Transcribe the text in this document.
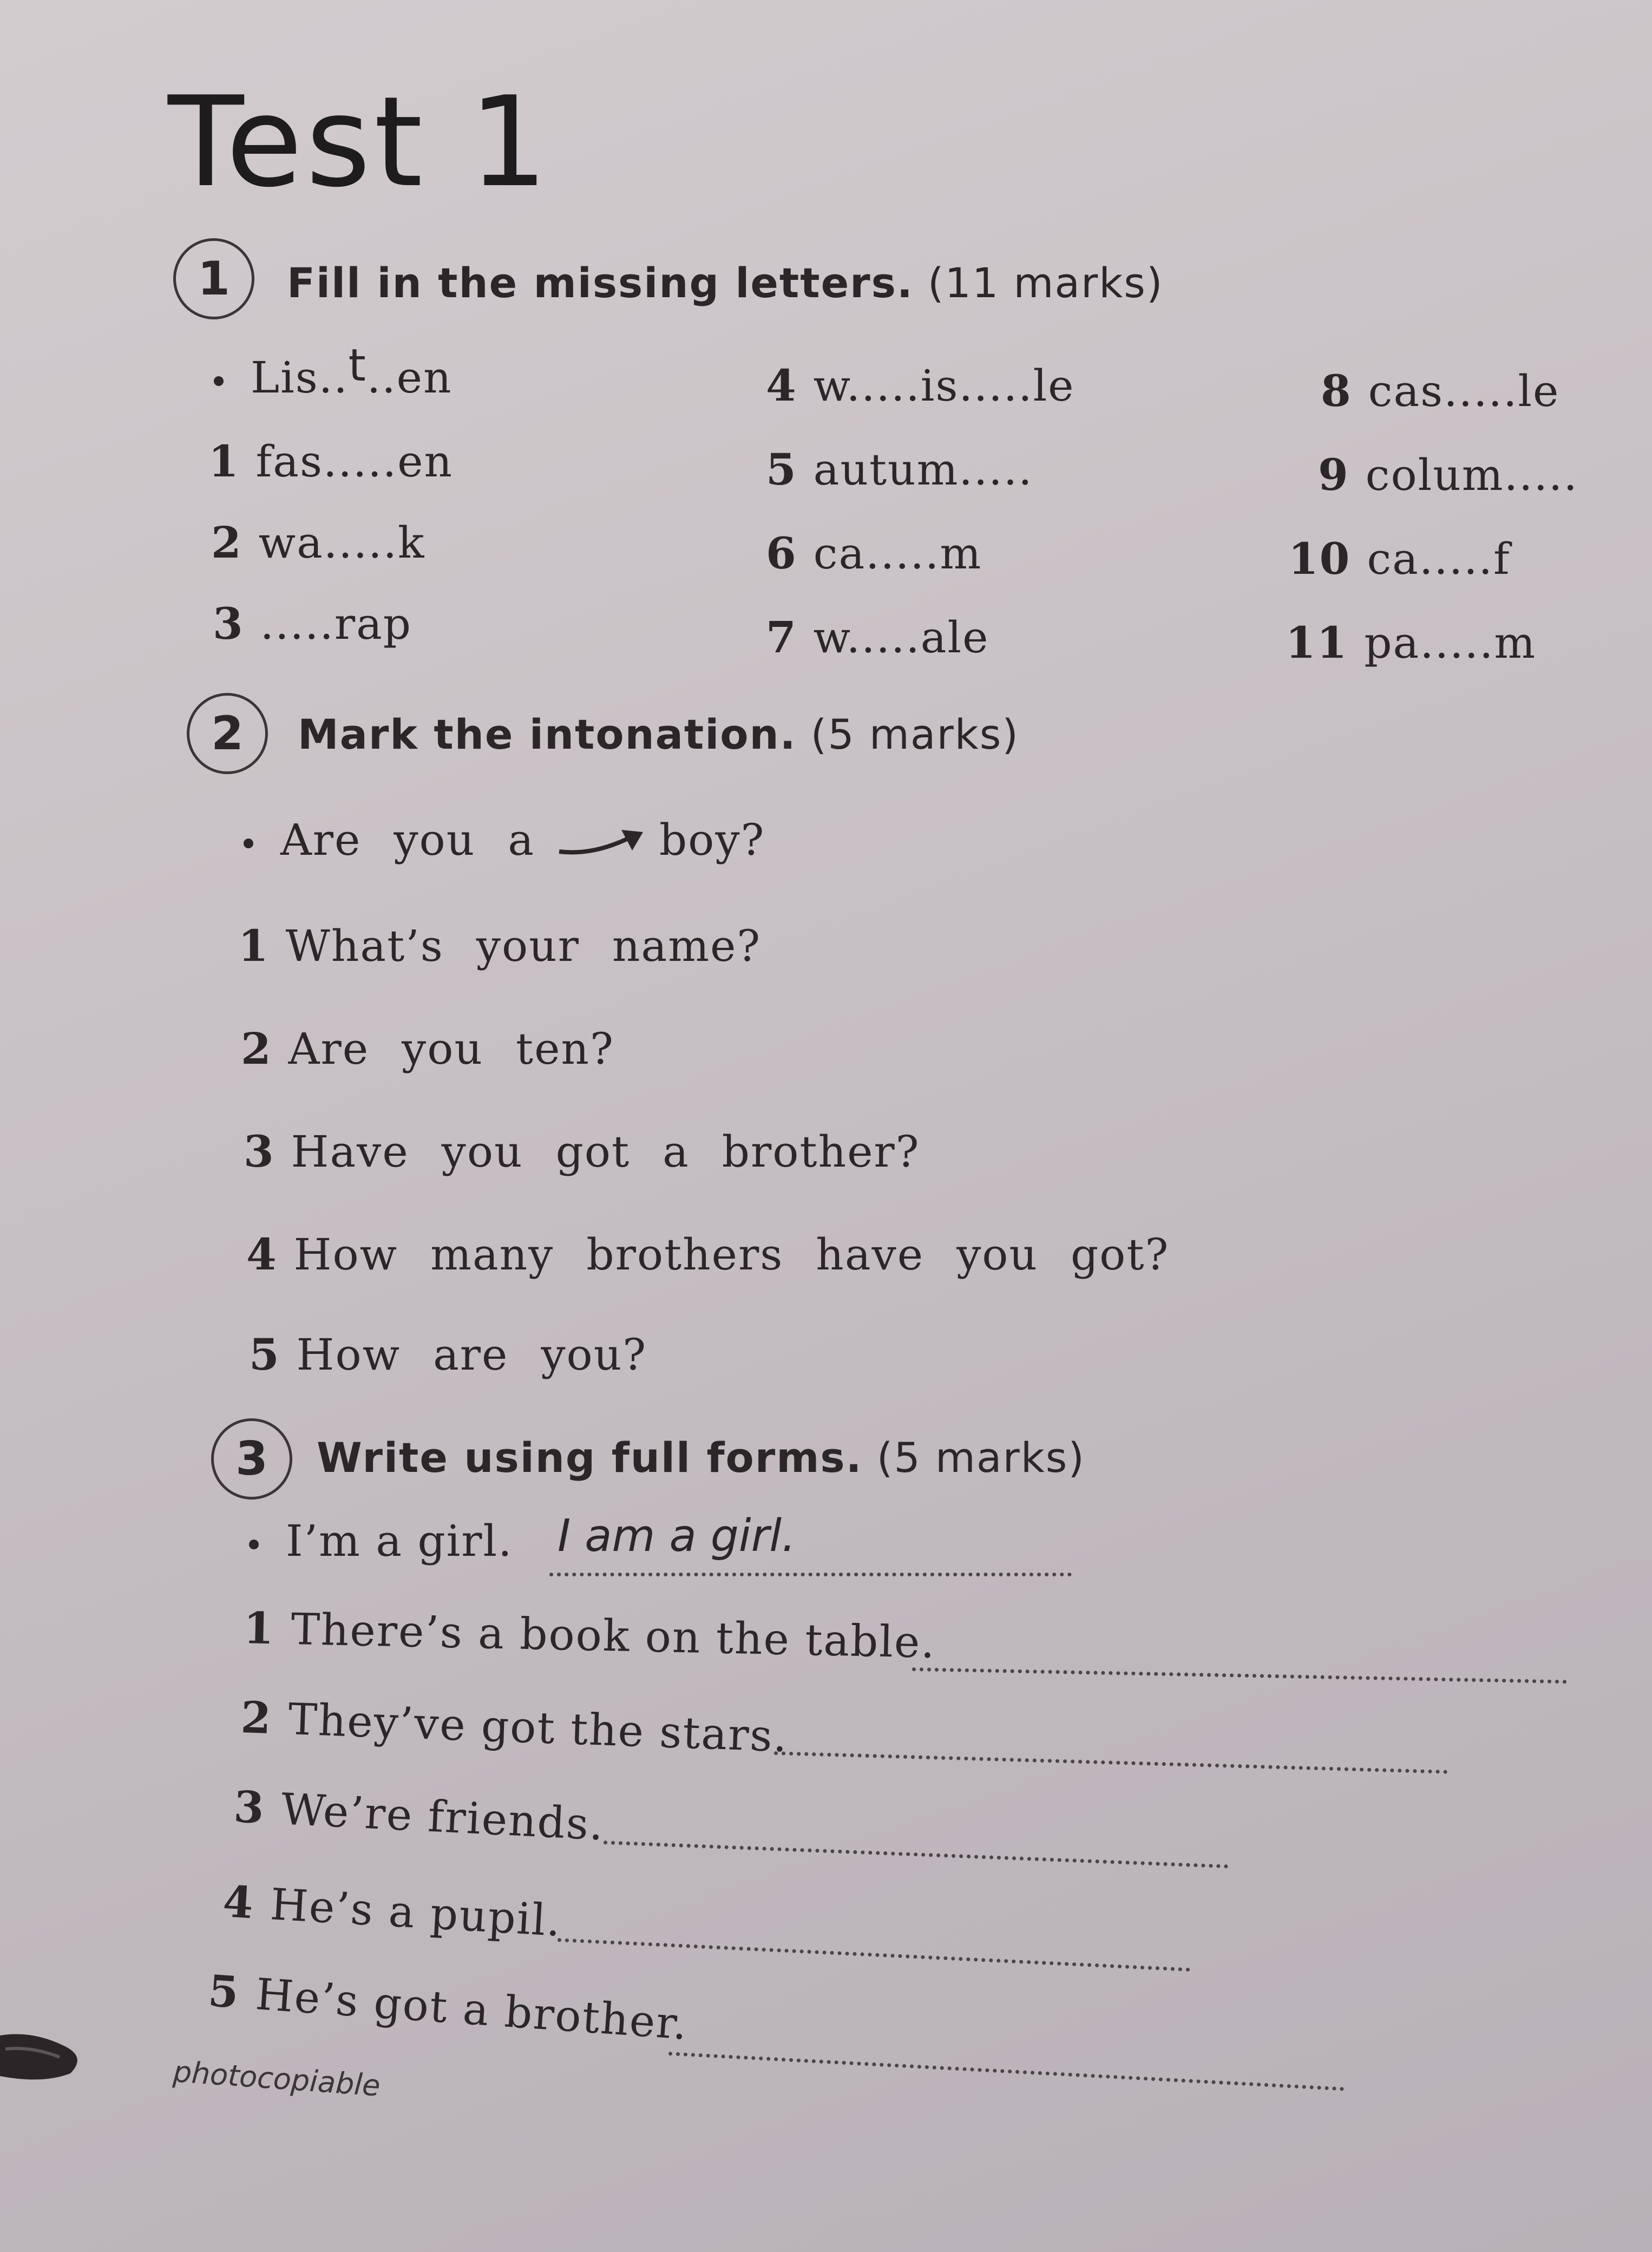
Test 1
1	Fill in the missing letters. (11 marks)
Lis..t..en
1 fas.....en
2 wa.....k
3 .....rap
4 w.....is.....le
5 autum.....
6 ca.....m
7 w.....ale
8 cas.....le
9 colum.....
10 ca.....f
11 pa.....m
2	Mark the intonation. (5 marks)
Are you a	boy?
1 What’s your name?
2 Are you ten?
3 Have you got a brother?
4 How many brothers have you got?
5 How are you?
3	Write using full forms. (5 marks)
I’m a girl. I am a girl.
1 There’s a book on the table.
2 They’ve got the stars.
3 We’re friends.
4 He’s a pupil.
5 He’s got a brother.
photocopiable
